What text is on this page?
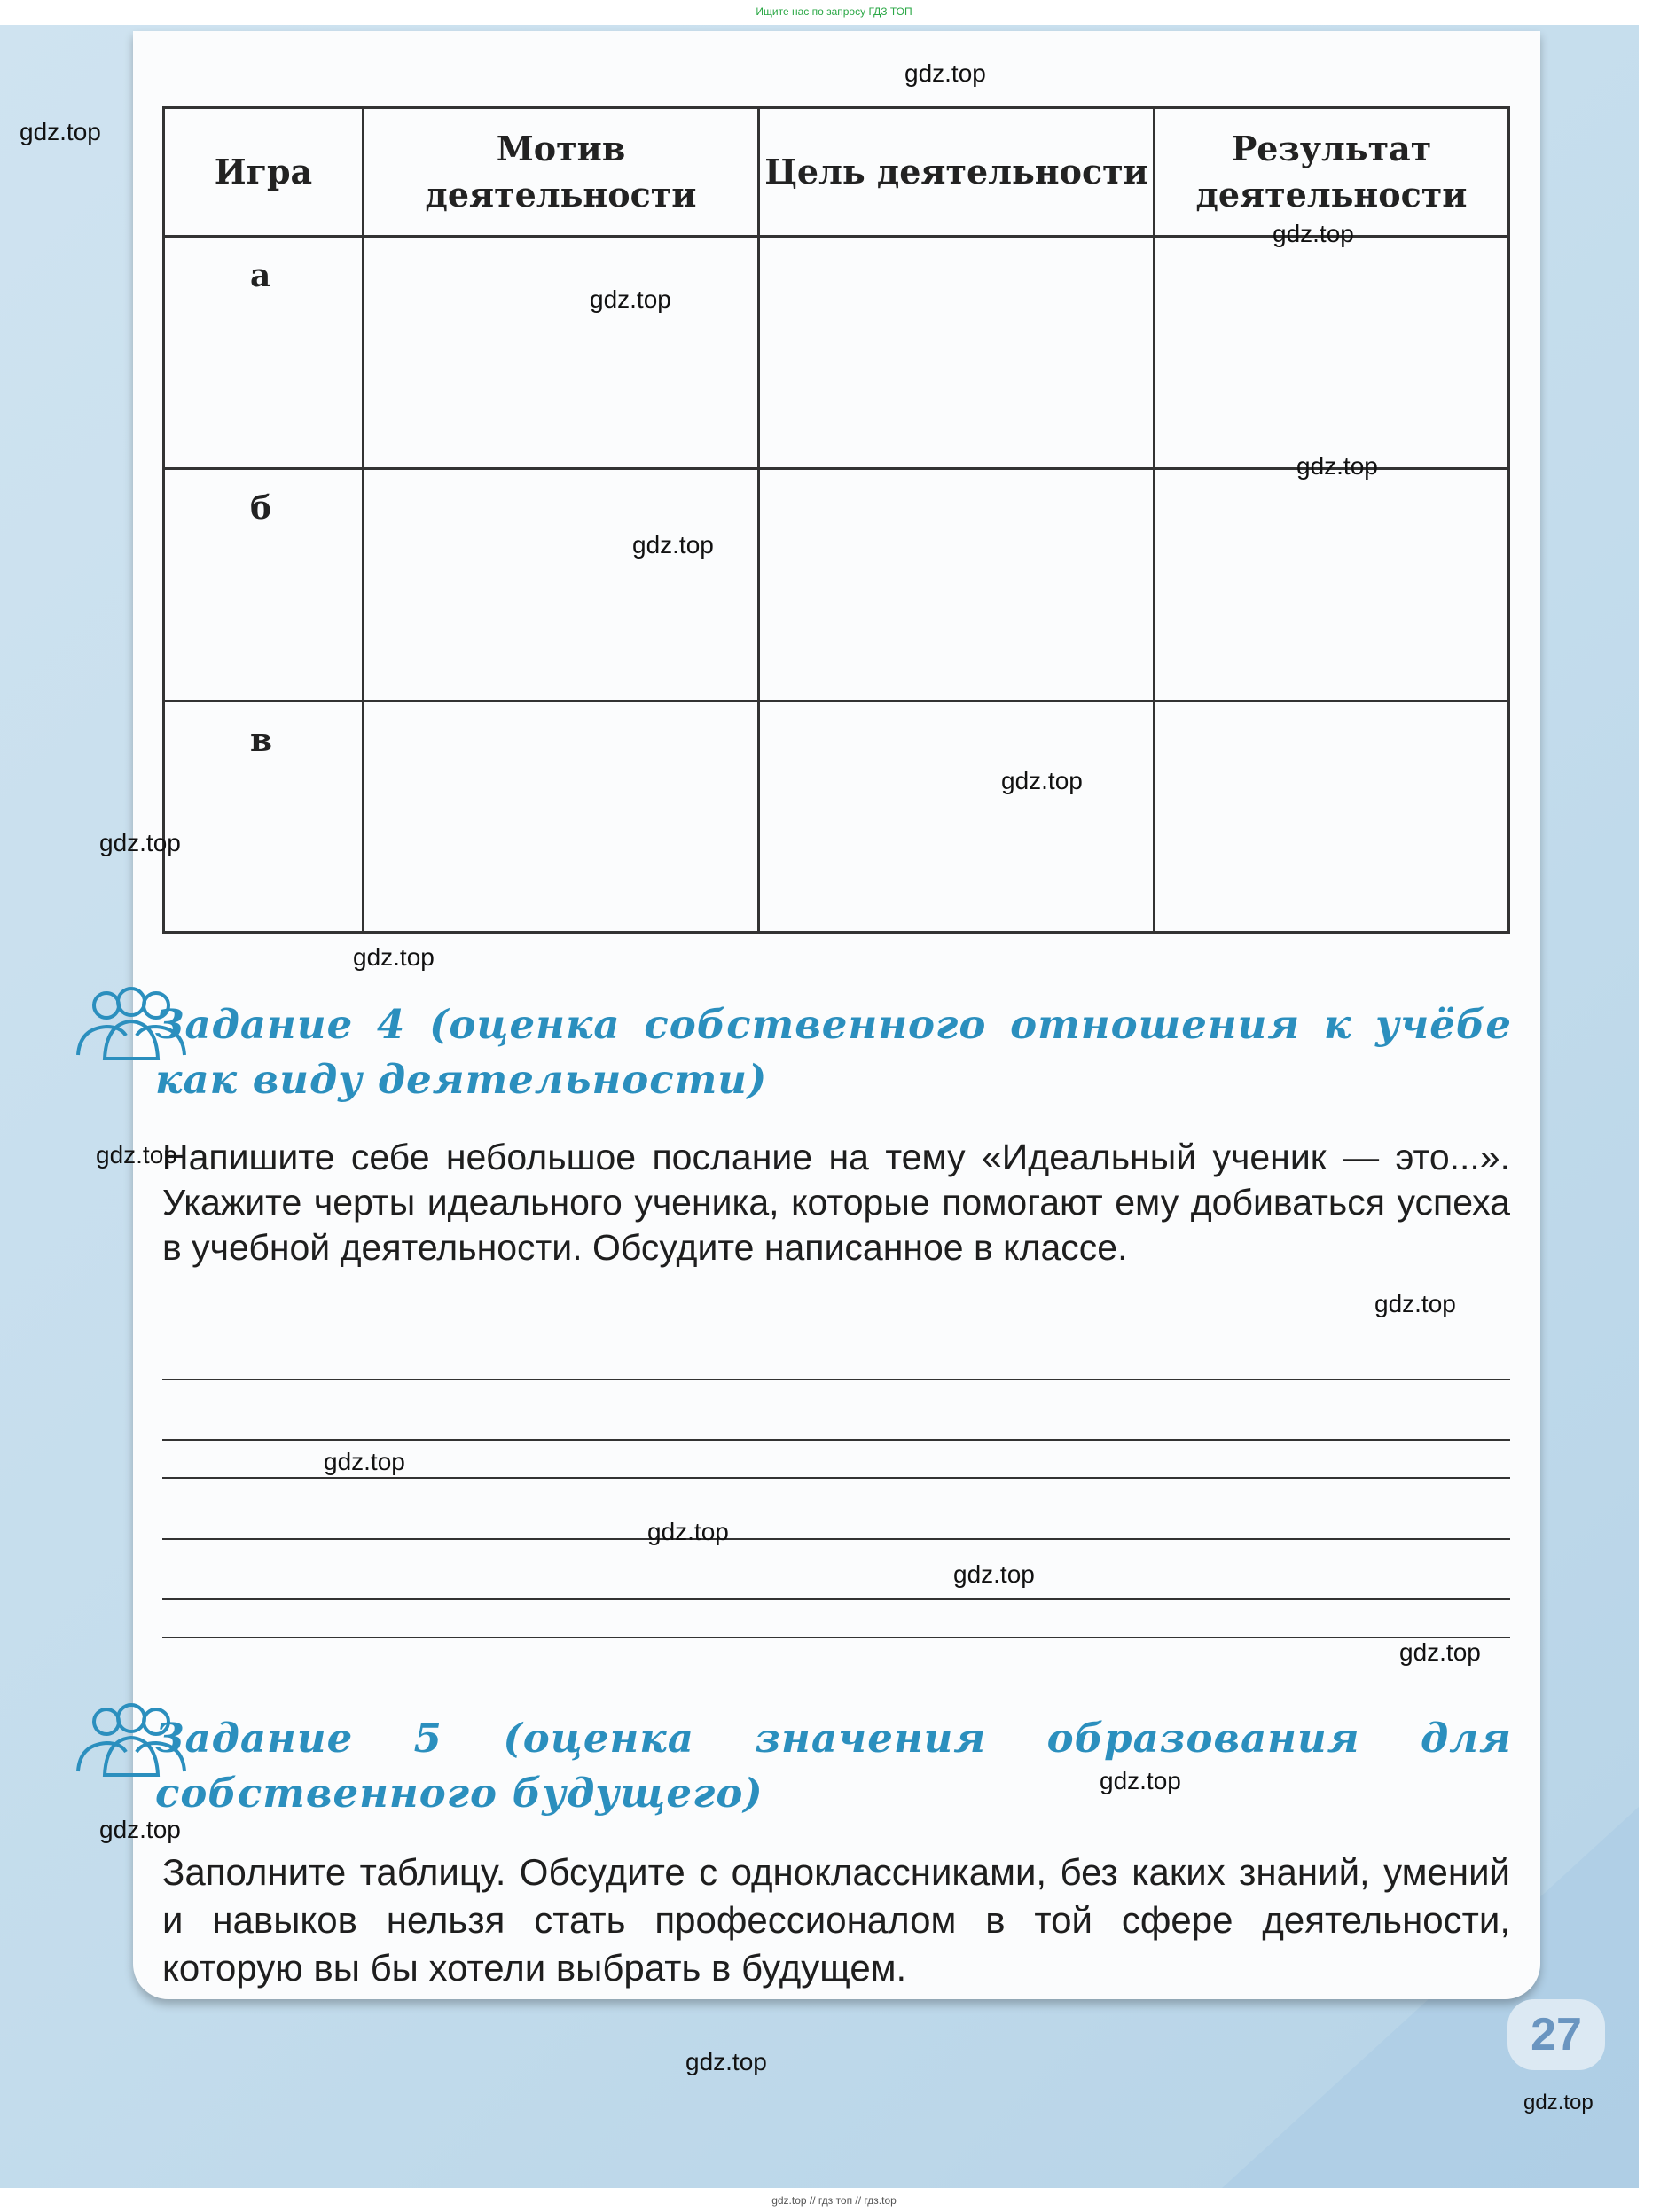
Ищите нас по запросу ГДЗ ТОП
Игра	Мотив деятельности	Цель деятельности	Результат деятельности
а			
б			
в			
Задание 4 (оценка собственного отношения к учёбе как виду деятельности)
Напишите себе небольшое послание на тему «Идеальный ученик — это...». Укажите черты идеального ученика, которые помогают ему добиваться успеха в учебной деятельности. Обсудите написанное в классе.
Задание 5 (оценка значения образования для собственного будущего)
Заполните таблицу. Обсудите с одноклассниками, без каких знаний, умений и навыков нельзя стать профессионалом в той сфере деятельности, которую вы бы хотели выбрать в будущем.
27
gdz.top
gdz.top
gdz.top
gdz.top
gdz.top
gdz.top
gdz.top
gdz.top
gdz.top
gdz.top
gdz.top
gdz.top
gdz.top
gdz.top
gdz.top
gdz.top
gdz.top
gdz.top
gdz.top
gdz.top // гдз топ // гдз.top
